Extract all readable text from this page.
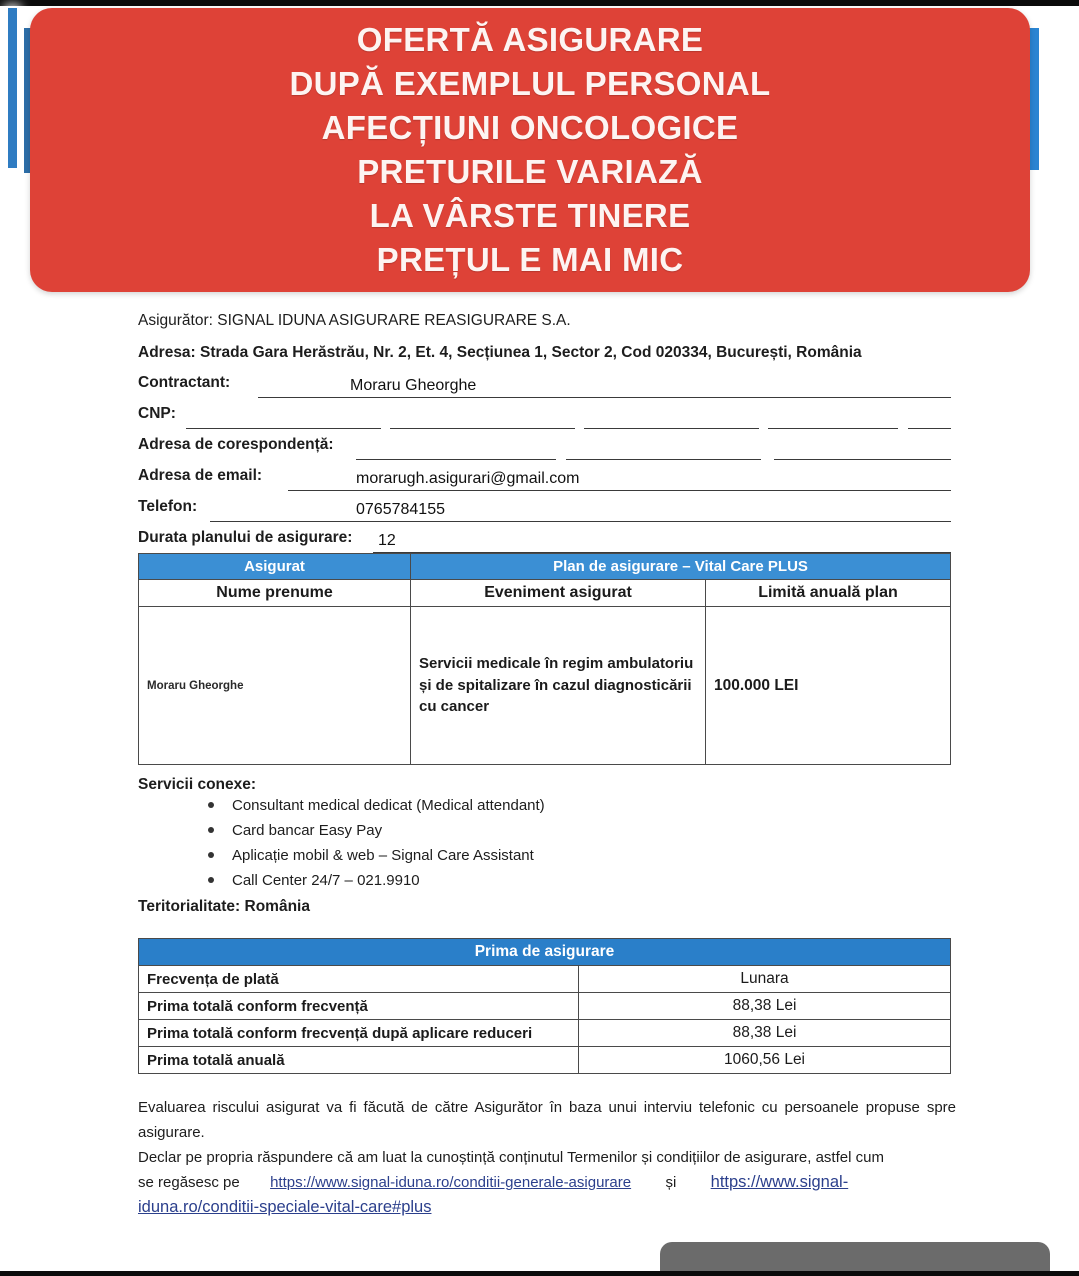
OFERTĂ ASIGURARE
DUPĂ EXEMPLUL PERSONAL
AFECȚIUNI ONCOLOGICE
PRETURILE VARIAZĂ
LA VÂRSTE TINERE
PREȚUL E MAI MIC
Asigurător: SIGNAL IDUNA ASIGURARE REASIGURARE S.A.
Adresa: Strada Gara Herăstrău, Nr. 2, Et. 4, Secțiunea 1, Sector 2, Cod 020334, București, România
Contractant:	Moraru Gheorghe
CNP:
Adresa de corespondență:
Adresa de email:	morarugh.asigurari@gmail.com
Telefon:	0765784155
Durata planului de asigurare: 12
Asigurat	Plan de asigurare – Vital Care PLUS	
Nume prenume	Eveniment asigurat	Limită anuală plan
Moraru Gheorghe	Servicii medicale în regim ambulatoriu și de spitalizare în cazul diagnosticării cu cancer	100.000 LEI
Servicii conexe:
Consultant medical dedicat (Medical attendant)
Card bancar Easy Pay
Aplicație mobil & web – Signal Care Assistant
Call Center 24/7 – 021.9910
Teritorialitate: România
Prima de asigurare	
Frecvența de plată	Lunara
Prima totală conform frecvență	88,38 Lei
Prima totală conform frecvență după aplicare reduceri	88,38 Lei
Prima totală anuală	1060,56 Lei

Evaluarea riscului asigurat va fi făcută de către Asigurător în baza unui interviu telefonic cu persoanele propuse spre asigurare.

Declar pe propria răspundere că am luat la cunoștință conținutul Termenilor și condițiilor de asigurare, astfel cum

se regăsesc pe https://www.signal-iduna.ro/conditii-generale-asigurare și https://www.signal-

iduna.ro/conditii-speciale-vital-care#plus
